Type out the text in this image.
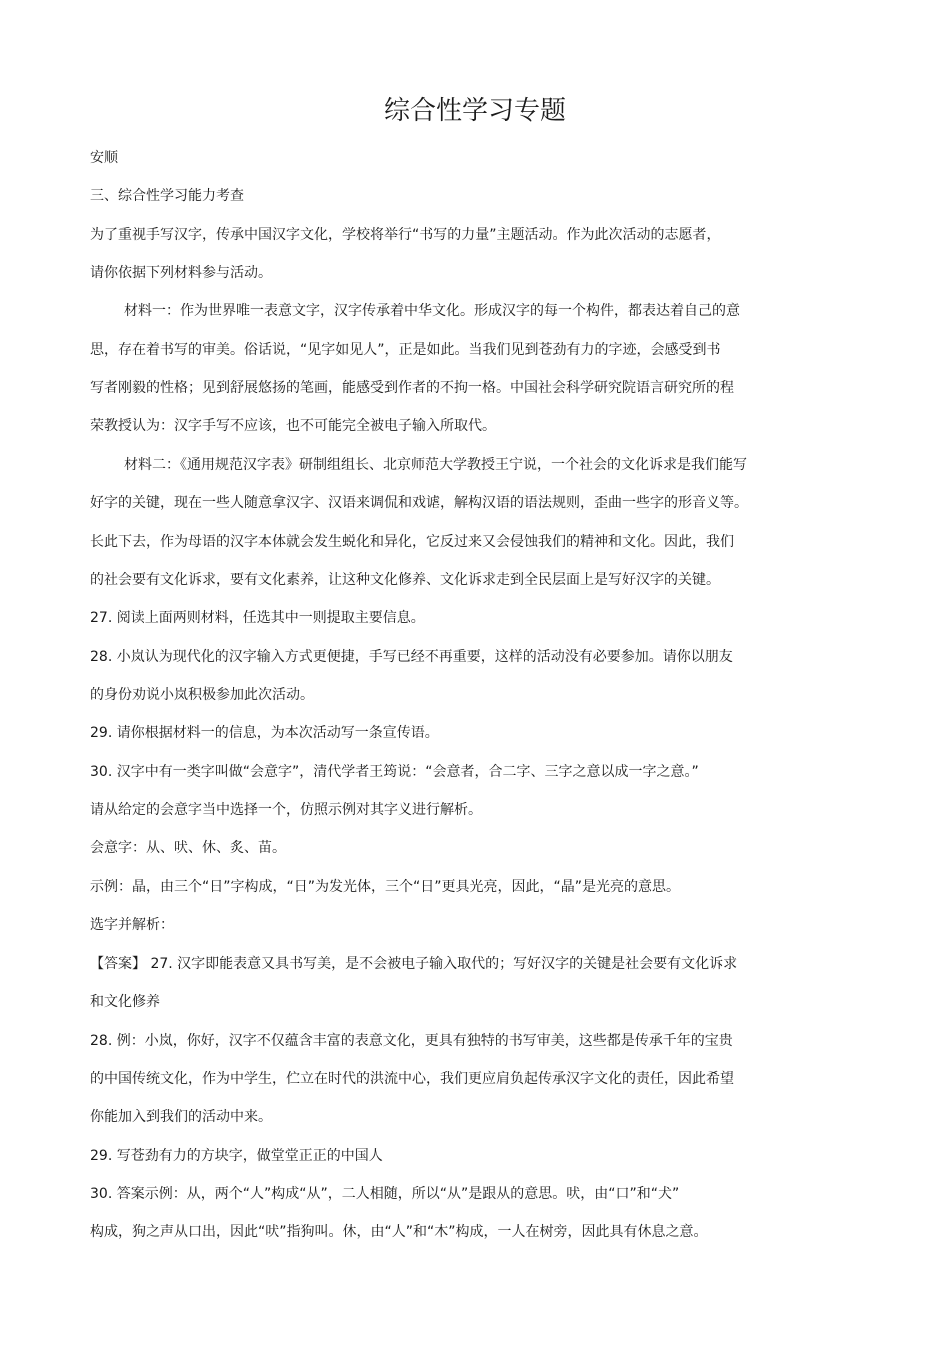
综合性学习专题

安顺

三、综合性学习能力考查

为了重视手写汉字，传承中国汉字文化，学校将举行“书写的力量”主题活动。作为此次活动的志愿者，

请你依据下列材料参与活动。

材料一：作为世界唯一表意文字，汉字传承着中华文化。形成汉字的每一个构件，都表达着自己的意

思，存在着书写的审美。俗话说，“见字如见人”，正是如此。当我们见到苍劲有力的字迹，会感受到书

写者刚毅的性格；见到舒展悠扬的笔画，能感受到作者的不拘一格。中国社会科学研究院语言研究所的程

荣教授认为：汉字手写不应该，也不可能完全被电子输入所取代。

材料二：《通用规范汉字表》研制组组长、北京师范大学教授王宁说，一个社会的文化诉求是我们能写

好字的关键，现在一些人随意拿汉字、汉语来调侃和戏谑，解构汉语的语法规则，歪曲一些字的形音义等。

长此下去，作为母语的汉字本体就会发生蜕化和异化，它反过来又会侵蚀我们的精神和文化。因此，我们

的社会要有文化诉求，要有文化素养，让这种文化修养、文化诉求走到全民层面上是写好汉字的关键。

27. 阅读上面两则材料，任选其中一则提取主要信息。

28. 小岚认为现代化的汉字输入方式更便捷，手写已经不再重要，这样的活动没有必要参加。请你以朋友

的身份劝说小岚积极参加此次活动。

29. 请你根据材料一的信息，为本次活动写一条宣传语。

30. 汉字中有一类字叫做“会意字”，清代学者王筠说：“会意者，合二字、三字之意以成一字之意。”

请从给定的会意字当中选择一个，仿照示例对其字义进行解析。

会意字：从、吠、休、炙、苗。

示例：晶，由三个“日”字构成，“日”为发光体，三个“日”更具光亮，因此，“晶”是光亮的意思。

选字并解析：

【答案】 27. 汉字即能表意又具书写美，是不会被电子输入取代的；写好汉字的关键是社会要有文化诉求

和文化修养

28. 例：小岚，你好，汉字不仅蕴含丰富的表意文化，更具有独特的书写审美，这些都是传承千年的宝贵

的中国传统文化，作为中学生，伫立在时代的洪流中心，我们更应肩负起传承汉字文化的责任，因此希望

你能加入到我们的活动中来。

29. 写苍劲有力的方块字，做堂堂正正的中国人

30. 答案示例：从，两个“人”构成“从”，二人相随，所以“从”是跟从的意思。吠，由“口”和“犬”

构成，狗之声从口出，因此“吠”指狗叫。休，由“人”和“木”构成，一人在树旁，因此具有休息之意。
